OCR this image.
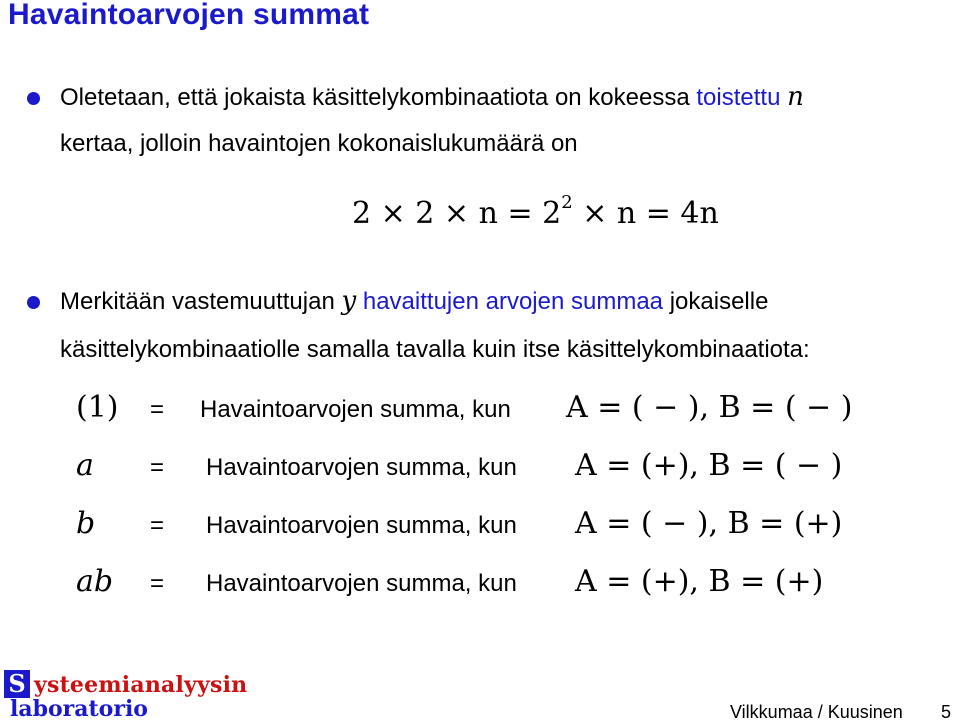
Havaintoarvojen summat
Oletetaan, että jokaista käsittelykombinaatiota on kokeessa toistettu n
kertaa, jolloin havaintojen kokonaislukumäärä on
$2 \times 2 \times n = 2^2 \times n = 4n$
Merkitään vastemuuttujan y havaittujen arvojen summaa jokaiselle
käsittelykombinaatiolle samalla tavalla kuin itse käsittelykombinaatiota:
(1) = Havaintoarvojen summa, kun A = ( − ), B = ( − )
a = Havaintoarvojen summa, kun A = (+), B = ( − )
b = Havaintoarvojen summa, kun A = ( − ), B = (+)
ab = Havaintoarvojen summa, kun A = (+), B = (+)
S ysteemianalyysin
laboratorio	Vilkkumaa / Kuusinen 5
